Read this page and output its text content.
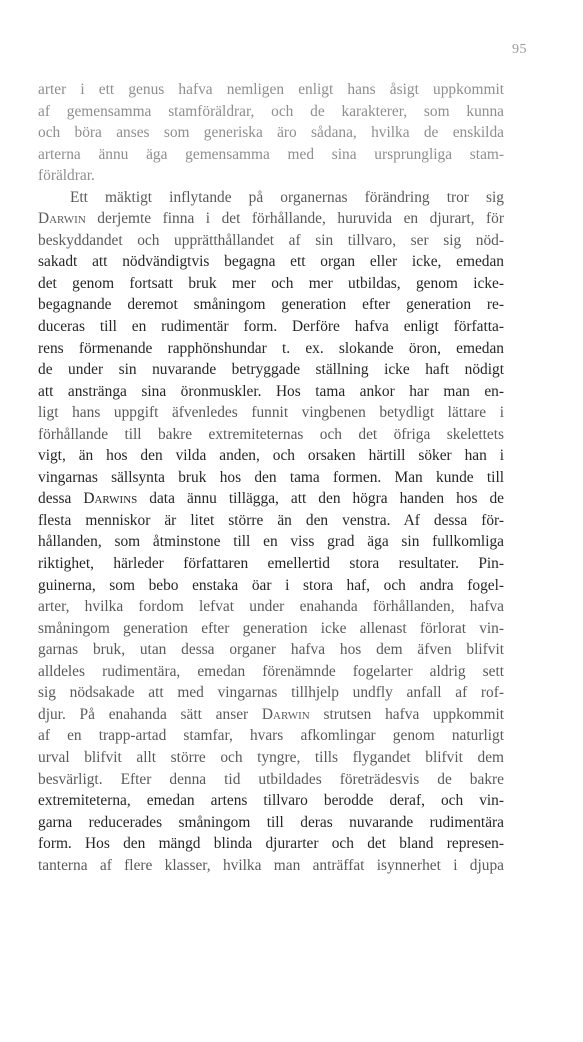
95
arter i ett genus hafva nemligen enligt hans åsigt uppkommit
af gemensamma stamföräldrar, och de karakterer, som kunna
och böra anses som generiska äro sådana, hvilka de enskilda
arterna ännu äga gemensamma med sina ursprungliga stam-
föräldrar.
Ett mäktigt inflytande på organernas förändring tror sig
Darwin derjemte finna i det förhållande, huruvida en djurart, för
beskyddandet och upprätthållandet af sin tillvaro, ser sig nöd-
sakadt att nödvändigtvis begagna ett organ eller icke, emedan
det genom fortsatt bruk mer och mer utbildas, genom icke-
begagnande deremot småningom generation efter generation re-
duceras till en rudimentär form. Derföre hafva enligt författa-
rens förmenande rapphönshundar t. ex. slokande öron, emedan
de under sin nuvarande betryggade ställning icke haft nödigt
att anstränga sina öronmuskler. Hos tama ankor har man en-
ligt hans uppgift äfvenledes funnit vingbenen betydligt lättare i
förhållande till bakre extremiteternas och det öfriga skelettets
vigt, än hos den vilda anden, och orsaken härtill söker han i
vingarnas sällsynta bruk hos den tama formen. Man kunde till
dessa Darwins data ännu tillägga, att den högra handen hos de
flesta menniskor är litet större än den venstra. Af dessa för-
hållanden, som åtminstone till en viss grad äga sin fullkomliga
riktighet, härleder författaren emellertid stora resultater. Pin-
guinerna, som bebo enstaka öar i stora haf, och andra fogel-
arter, hvilka fordom lefvat under enahanda förhållanden, hafva
småningom generation efter generation icke allenast förlorat vin-
garnas bruk, utan dessa organer hafva hos dem äfven blifvit
alldeles rudimentära, emedan förenämnde fogelarter aldrig sett
sig nödsakade att med vingarnas tillhjelp undfly anfall af rof-
djur. På enahanda sätt anser Darwin strutsen hafva uppkommit
af en trapp-artad stamfar, hvars afkomlingar genom naturligt
urval blifvit allt större och tyngre, tills flygandet blifvit dem
besvärligt. Efter denna tid utbildades företrädesvis de bakre
extremiteterna, emedan artens tillvaro berodde deraf, och vin-
garna reducerades småningom till deras nuvarande rudimentära
form. Hos den mängd blinda djurarter och det bland represen-
tanterna af flere klasser, hvilka man anträffat isynnerhet i djupa
